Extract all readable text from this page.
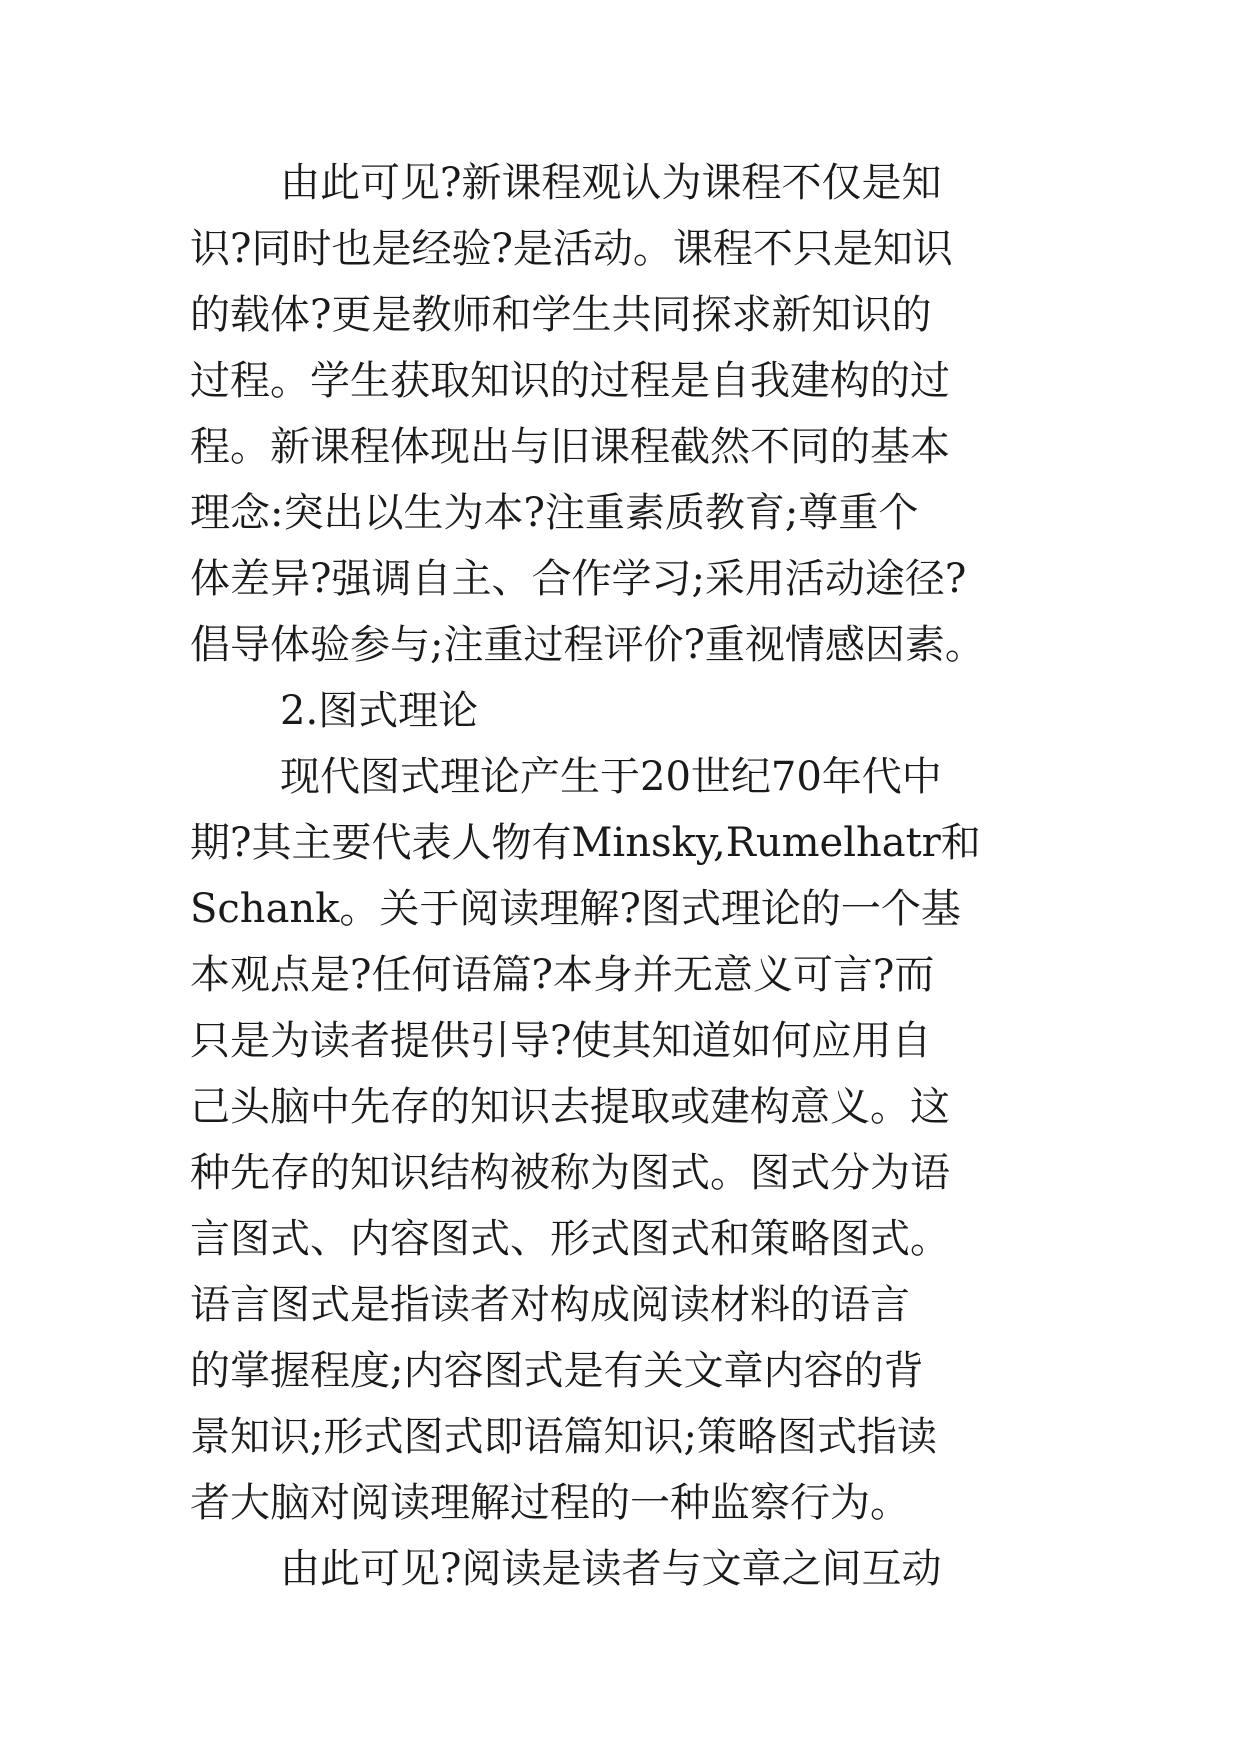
由此可见?新课程观认为课程不仅是知
识?同时也是经验?是活动。课程不只是知识
的载体?更是教师和学生共同探求新知识的
过程。学生获取知识的过程是自我建构的过
程。新课程体现出与旧课程截然不同的基本
理念:突出以生为本?注重素质教育;尊重个
体差异?强调自主、合作学习;采用活动途径?
倡导体验参与;注重过程评价?重视情感因素。
2.图式理论
现代图式理论产生于20世纪70年代中
期?其主要代表人物有Minsky,Rumelhatr和
Schank。关于阅读理解?图式理论的一个基
本观点是?任何语篇?本身并无意义可言?而
只是为读者提供引导?使其知道如何应用自
己头脑中先存的知识去提取或建构意义。这
种先存的知识结构被称为图式。图式分为语
言图式、内容图式、形式图式和策略图式。
语言图式是指读者对构成阅读材料的语言
的掌握程度;内容图式是有关文章内容的背
景知识;形式图式即语篇知识;策略图式指读
者大脑对阅读理解过程的一种监察行为。
由此可见?阅读是读者与文章之间互动
